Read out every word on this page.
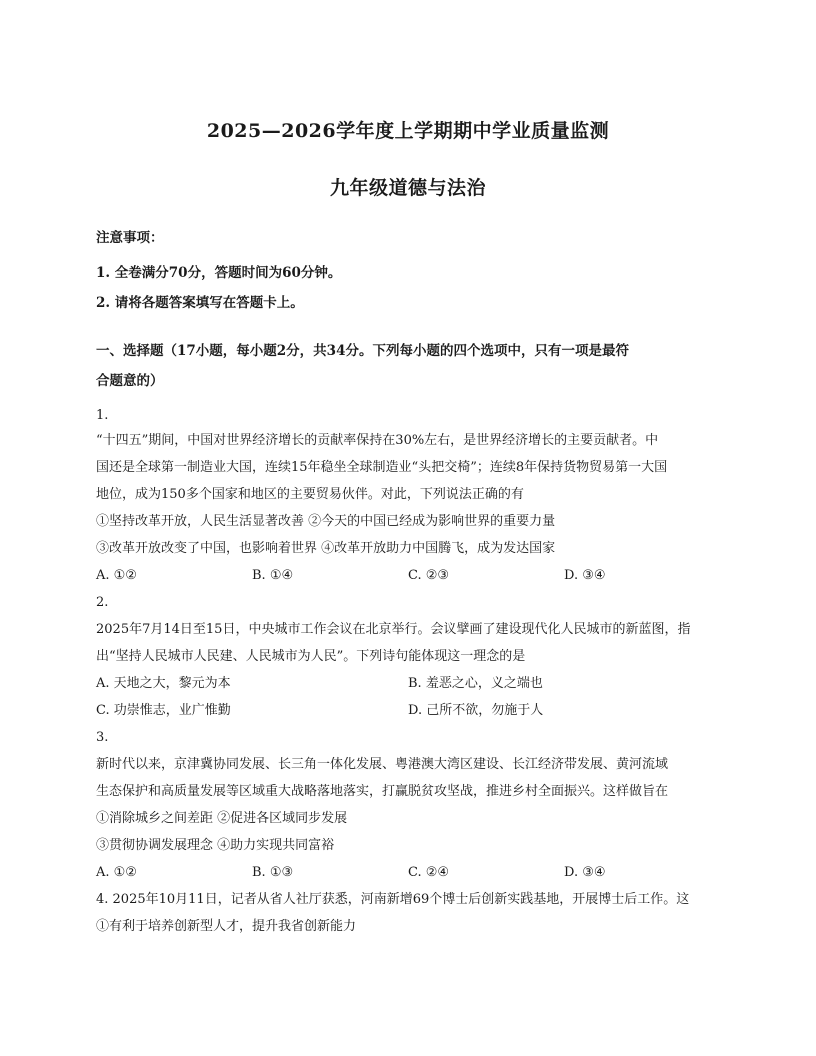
2025—2026学年度上学期期中学业质量监测
九年级道德与法治
注意事项：
1. 全卷满分70分，答题时间为60分钟。
2. 请将各题答案填写在答题卡上。
一、选择题（17小题，每小题2分，共34分。下列每小题的四个选项中，只有一项是最符
合题意的）
1.
“十四五”期间，中国对世界经济增长的贡献率保持在30%左右，是世界经济增长的主要贡献者。中
国还是全球第一制造业大国，连续15年稳坐全球制造业“头把交椅”；连续8年保持货物贸易第一大国
地位，成为150多个国家和地区的主要贸易伙伴。对此，下列说法正确的有
①坚持改革开放，人民生活显著改善 ②今天的中国已经成为影响世界的重要力量
③改革开放改变了中国，也影响着世界 ④改革开放助力中国腾飞，成为发达国家
A. ①②	B. ①④	C. ②③	D. ③④
2.
2025年7月14日至15日，中央城市工作会议在北京举行。会议擘画了建设现代化人民城市的新蓝图，指
出“坚持人民城市人民建、人民城市为人民”。下列诗句能体现这一理念的是
A. 天地之大，黎元为本	B. 羞恶之心，义之端也
C. 功崇惟志，业广惟勤	D. 己所不欲，勿施于人
3.
新时代以来，京津冀协同发展、长三角一体化发展、粤港澳大湾区建设、长江经济带发展、黄河流域
生态保护和高质量发展等区域重大战略落地落实，打赢脱贫攻坚战，推进乡村全面振兴。这样做旨在
①消除城乡之间差距 ②促进各区域同步发展
③贯彻协调发展理念 ④助力实现共同富裕
A. ①②	B. ①③	C. ②④	D. ③④
4. 2025年10月11日，记者从省人社厅获悉，河南新增69个博士后创新实践基地，开展博士后工作。这
①有利于培养创新型人才，提升我省创新能力
